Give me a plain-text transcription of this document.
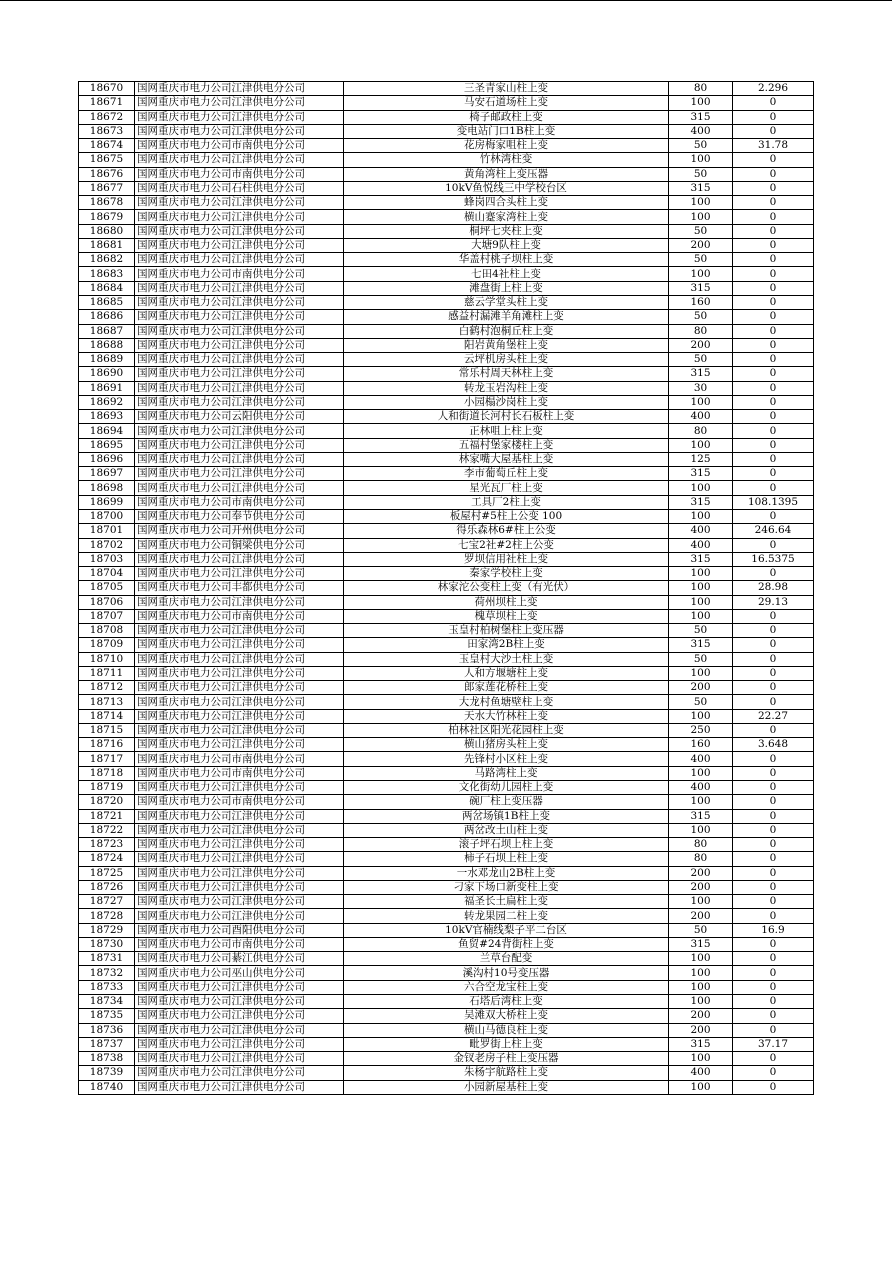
18670	国网重庆市电力公司江津供电分公司	三圣青家山柱上变	80	2.296
18671	国网重庆市电力公司江津供电分公司	马安石道场柱上变	100	0
18672	国网重庆市电力公司江津供电分公司	椅子邮政柱上变	315	0
18673	国网重庆市电力公司江津供电分公司	变电站门口1B柱上变	400	0
18674	国网重庆市电力公司市南供电分公司	花房梅家咀柱上变	50	31.78
18675	国网重庆市电力公司江津供电分公司	竹林湾柱变	100	0
18676	国网重庆市电力公司市南供电分公司	黄角湾柱上变压器	50	0
18677	国网重庆市电力公司石柱供电分公司	10kV鱼悦线三中学校台区	315	0
18678	国网重庆市电力公司江津供电分公司	蜂岗四合头柱上变	100	0
18679	国网重庆市电力公司江津供电分公司	横山蹇家湾柱上变	100	0
18680	国网重庆市电力公司江津供电分公司	桐坪七夹柱上变	50	0
18681	国网重庆市电力公司江津供电分公司	大塘9队柱上变	200	0
18682	国网重庆市电力公司江津供电分公司	华盖村桃子坝柱上变	50	0
18683	国网重庆市电力公司市南供电分公司	七田4社柱上变	100	0
18684	国网重庆市电力公司江津供电分公司	滩盘街上柱上变	315	0
18685	国网重庆市电力公司江津供电分公司	慈云学堂头柱上变	160	0
18686	国网重庆市电力公司江津供电分公司	感益村漏滩羊角滩柱上变	50	0
18687	国网重庆市电力公司江津供电分公司	白鹤村泡桐丘柱上变	80	0
18688	国网重庆市电力公司江津供电分公司	阳岩黄角堡柱上变	200	0
18689	国网重庆市电力公司江津供电分公司	云坪机房头柱上变	50	0
18690	国网重庆市电力公司江津供电分公司	常乐村周天林柱上变	315	0
18691	国网重庆市电力公司江津供电分公司	转龙玉岩沟柱上变	30	0
18692	国网重庆市电力公司江津供电分公司	小园榻沙岗柱上变	100	0
18693	国网重庆市电力公司云阳供电分公司	人和街道长河村长石板柱上变	400	0
18694	国网重庆市电力公司江津供电分公司	正林咀上柱上变	80	0
18695	国网重庆市电力公司江津供电分公司	五福村堡家楼柱上变	100	0
18696	国网重庆市电力公司江津供电分公司	林家嘴大屋基柱上变	125	0
18697	国网重庆市电力公司江津供电分公司	李市葡萄丘柱上变	315	0
18698	国网重庆市电力公司江津供电分公司	星光瓦厂柱上变	100	0
18699	国网重庆市电力公司市南供电分公司	工具厂2柱上变	315	108.1395
18700	国网重庆市电力公司奉节供电分公司	板屋村#5柱上公变 100	100	0
18701	国网重庆市电力公司开州供电分公司	得乐森林6#柱上公变	400	246.64
18702	国网重庆市电力公司铜梁供电分公司	七宝2社#2柱上公变	400	0
18703	国网重庆市电力公司江津供电分公司	罗坝信用社柱上变	315	16.5375
18704	国网重庆市电力公司江津供电分公司	秦家学校柱上变	100	0
18705	国网重庆市电力公司丰都供电分公司	林家沱公变柱上变（有光伏）	100	28.98
18706	国网重庆市电力公司江津供电分公司	荷州坝柱上变	100	29.13
18707	国网重庆市电力公司市南供电分公司	槐草坝柱上变	100	0
18708	国网重庆市电力公司江津供电分公司	玉皇村柏树堡柱上变压器	50	0
18709	国网重庆市电力公司江津供电分公司	田家湾2B柱上变	315	0
18710	国网重庆市电力公司江津供电分公司	玉皇村大沙土柱上变	50	0
18711	国网重庆市电力公司江津供电分公司	人和方堰塘柱上变	100	0
18712	国网重庆市电力公司江津供电分公司	郎家莲花桥柱上变	200	0
18713	国网重庆市电力公司江津供电分公司	大龙村鱼塘壁柱上变	50	0
18714	国网重庆市电力公司江津供电分公司	天水大竹林柱上变	100	22.27
18715	国网重庆市电力公司江津供电分公司	柏林社区阳光花园柱上变	250	0
18716	国网重庆市电力公司江津供电分公司	横山猪房头柱上变	160	3.648
18717	国网重庆市电力公司市南供电分公司	先锋村小区柱上变	400	0
18718	国网重庆市电力公司市南供电分公司	马路湾柱上变	100	0
18719	国网重庆市电力公司江津供电分公司	文化街幼儿园柱上变	400	0
18720	国网重庆市电力公司市南供电分公司	碗厂柱上变压器	100	0
18721	国网重庆市电力公司江津供电分公司	两岔场镇1B柱上变	315	0
18722	国网重庆市电力公司江津供电分公司	两岔改土山柱上变	100	0
18723	国网重庆市电力公司江津供电分公司	滚子坪石坝上柱上变	80	0
18724	国网重庆市电力公司江津供电分公司	柿子石坝上柱上变	80	0
18725	国网重庆市电力公司江津供电分公司	一水邓龙山2B柱上变	200	0
18726	国网重庆市电力公司江津供电分公司	刁家下场口新变柱上变	200	0
18727	国网重庆市电力公司江津供电分公司	福圣长土扁柱上变	100	0
18728	国网重庆市电力公司江津供电分公司	转龙果园二柱上变	200	0
18729	国网重庆市电力公司酉阳供电分公司	10kV官楠线梨子平二台区	50	16.9
18730	国网重庆市电力公司市南供电分公司	鱼贸#24背街柱上变	315	0
18731	国网重庆市电力公司綦江供电分公司	兰草台配变	100	0
18732	国网重庆市电力公司巫山供电分公司	溪沟村10号变压器	100	0
18733	国网重庆市电力公司江津供电分公司	六合空龙宝柱上变	100	0
18734	国网重庆市电力公司江津供电分公司	石塔后湾柱上变	100	0
18735	国网重庆市电力公司江津供电分公司	吴滩双大桥柱上变	200	0
18736	国网重庆市电力公司江津供电分公司	横山马德良柱上变	200	0
18737	国网重庆市电力公司江津供电分公司	毗罗街上柱上变	315	37.17
18738	国网重庆市电力公司江津供电分公司	金钗老房子柱上变压器	100	0
18739	国网重庆市电力公司江津供电分公司	朱杨宇航路柱上变	400	0
18740	国网重庆市电力公司江津供电分公司	小园新屋基柱上变	100	0
